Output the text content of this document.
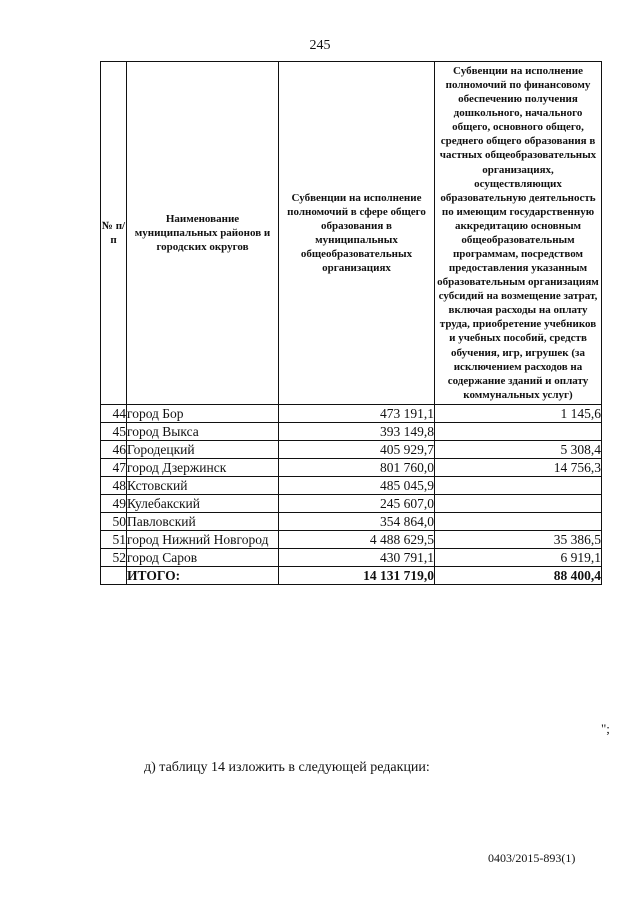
245
№ п/п	Наименование муниципальных районов и городских округов	Субвенции на исполнение полномочий в сфере общего образования в муниципальных общеобразовательных организациях	Субвенции на исполнение полномочий по финансовому обеспечению получения дошкольного, начального общего, основного общего, среднего общего образования в частных общеобразовательных организациях, осуществляющих образовательную деятельность по имеющим государственную аккредитацию основным общеобразовательным программам, посредством предоставления указанным образовательным организациям субсидий на возмещение затрат, включая расходы на оплату труда, приобретение учебников и учебных пособий, средств обучения, игр, игрушек (за исключением расходов на содержание зданий и оплату коммунальных услуг)

44	город Бор	473 191,1	1 145,6
45	город Выкса	393 149,8	
46	Городецкий	405 929,7	5 308,4
47	город Дзержинск	801 760,0	14 756,3
48	Кстовский	485 045,9	
49	Кулебакский	245 607,0	
50	Павловский	354 864,0	
51	город Нижний Новгород	4 488 629,5	35 386,5
52	город Саров	430 791,1	6 919,1
	ИТОГО:	14 131 719,0	88 400,4
";
д) таблицу 14 изложить в следующей редакции:
0403/2015-893(1)
